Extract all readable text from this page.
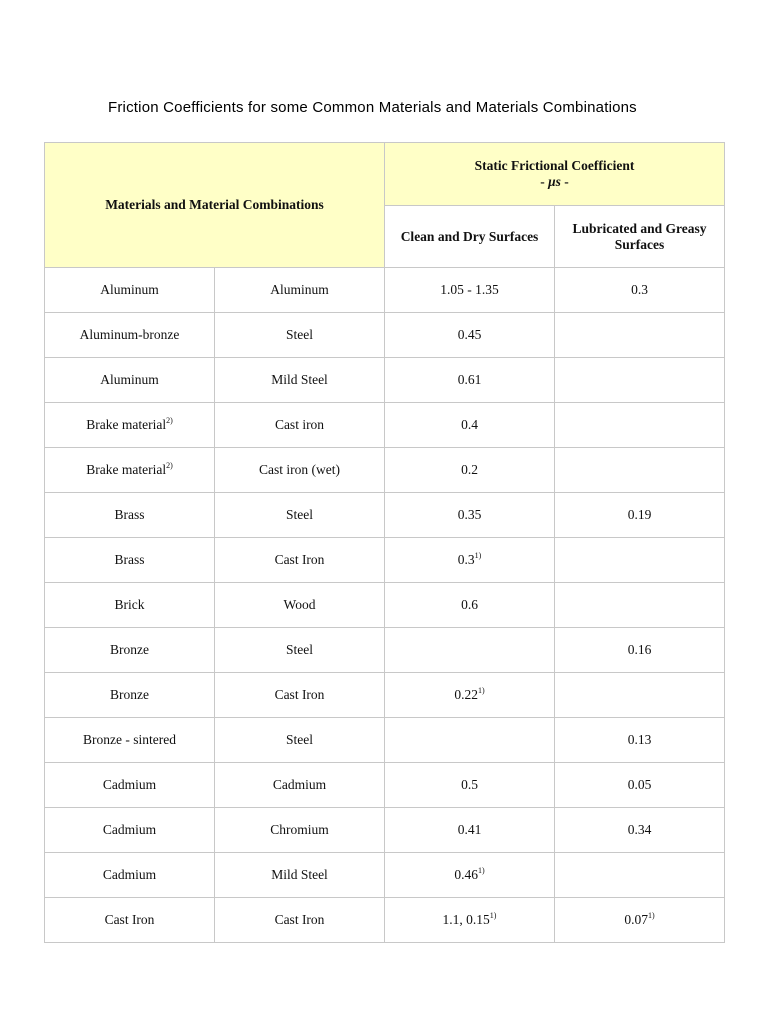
Friction Coefficients for some Common Materials and Materials Combinations
Materials and Material Combinations		Static Frictional Coefficient
- μs -	

		Clean and Dry Surfaces	Lubricated and Greasy Surfaces
Aluminum	Aluminum	1.05 - 1.35	0.3
Aluminum-bronze	Steel	0.45	
Aluminum	Mild Steel	0.61	
Brake material$^{2)}$	Cast iron	0.4	
Brake material$^{2)}$	Cast iron (wet)	0.2	
Brass	Steel	0.35	0.19
Brass	Cast Iron	0.3$^{1)}$	
Brick	Wood	0.6	
Bronze	Steel		0.16
Bronze	Cast Iron	0.22$^{1)}$	
Bronze - sintered	Steel		0.13
Cadmium	Cadmium	0.5	0.05
Cadmium	Chromium	0.41	0.34
Cadmium	Mild Steel	0.46$^{1)}$	
Cast Iron	Cast Iron	1.1, 0.15$^{1)}$	0.07$^{1)}$
